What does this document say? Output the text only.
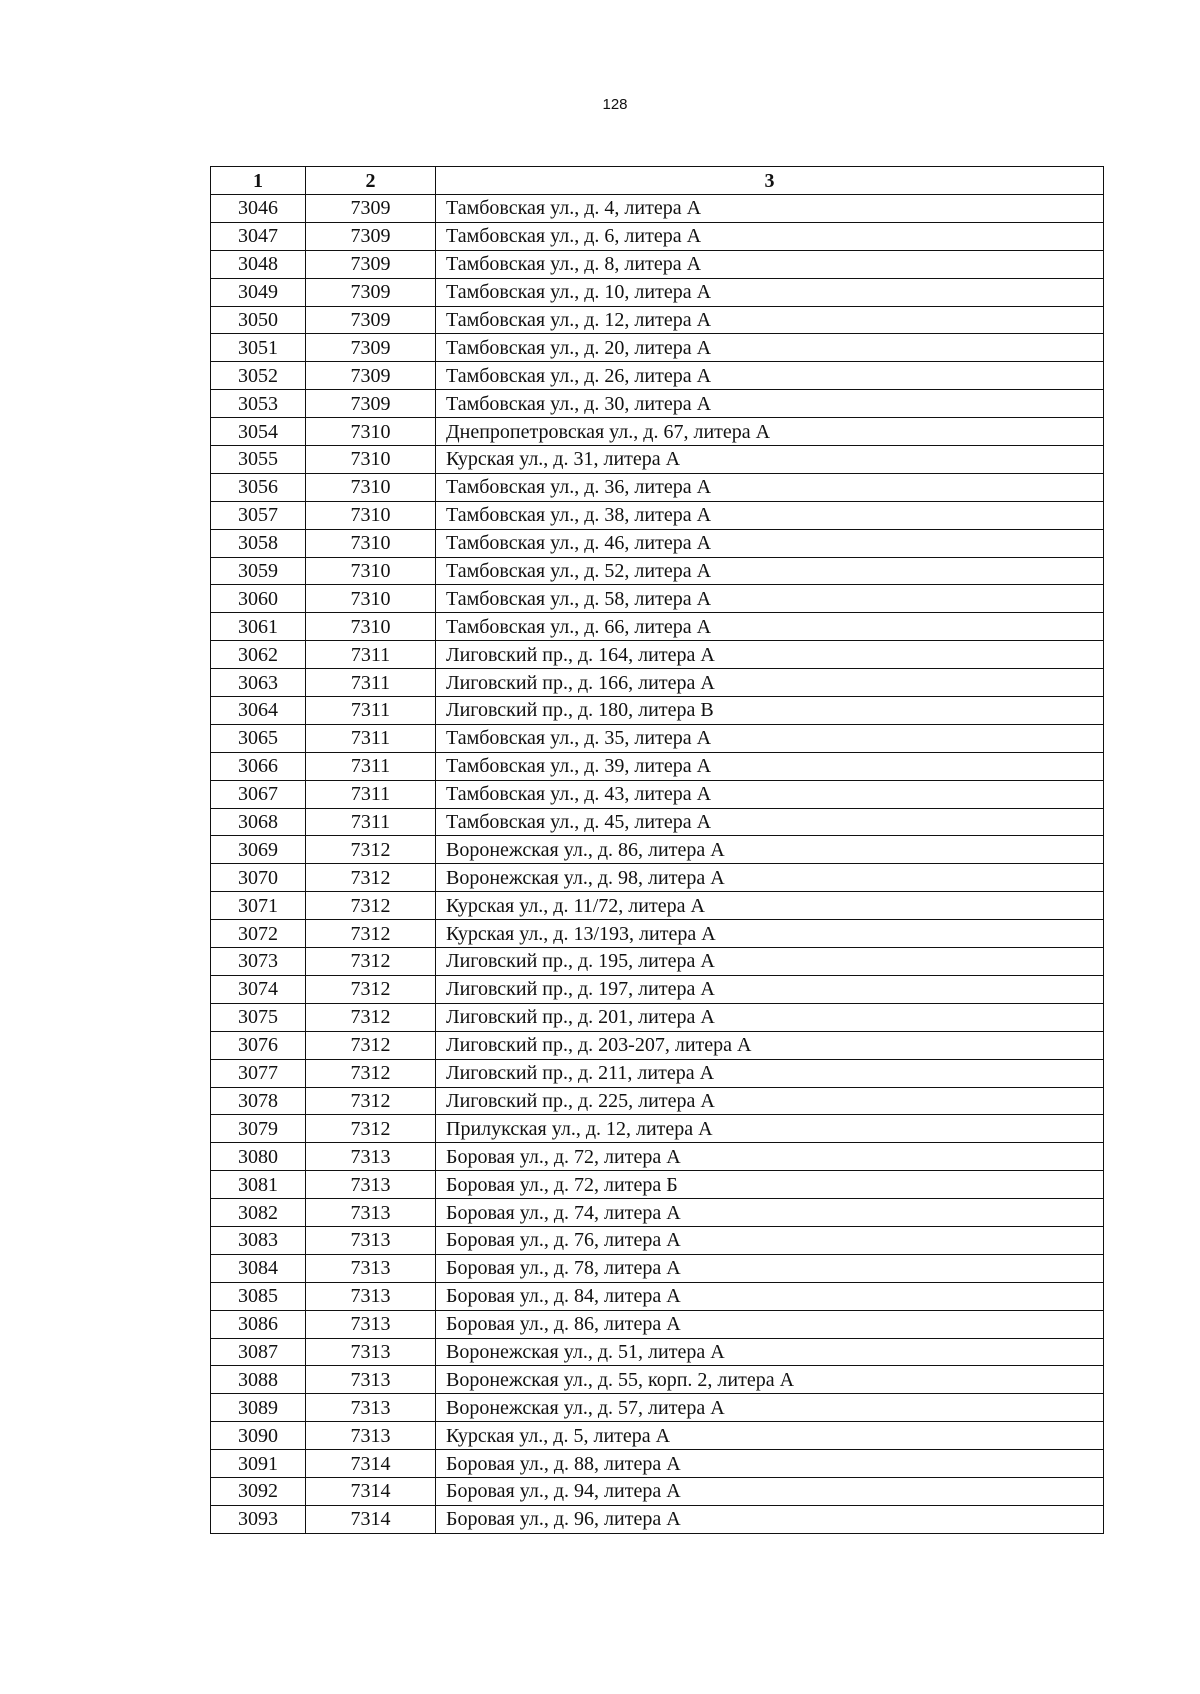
128
1	2	3
3046	7309	Тамбовская ул., д. 4, литера А
3047	7309	Тамбовская ул., д. 6, литера А
3048	7309	Тамбовская ул., д. 8, литера А
3049	7309	Тамбовская ул., д. 10, литера А
3050	7309	Тамбовская ул., д. 12, литера А
3051	7309	Тамбовская ул., д. 20, литера А
3052	7309	Тамбовская ул., д. 26, литера А
3053	7309	Тамбовская ул., д. 30, литера А
3054	7310	Днепропетровская ул., д. 67, литера А
3055	7310	Курская ул., д. 31, литера А
3056	7310	Тамбовская ул., д. 36, литера А
3057	7310	Тамбовская ул., д. 38, литера А
3058	7310	Тамбовская ул., д. 46, литера А
3059	7310	Тамбовская ул., д. 52, литера А
3060	7310	Тамбовская ул., д. 58, литера А
3061	7310	Тамбовская ул., д. 66, литера А
3062	7311	Лиговский пр., д. 164, литера А
3063	7311	Лиговский пр., д. 166, литера А
3064	7311	Лиговский пр., д. 180, литера В
3065	7311	Тамбовская ул., д. 35, литера А
3066	7311	Тамбовская ул., д. 39, литера А
3067	7311	Тамбовская ул., д. 43, литера А
3068	7311	Тамбовская ул., д. 45, литера А
3069	7312	Воронежская ул., д. 86, литера А
3070	7312	Воронежская ул., д. 98, литера А
3071	7312	Курская ул., д. 11/72, литера А
3072	7312	Курская ул., д. 13/193, литера А
3073	7312	Лиговский пр., д. 195, литера А
3074	7312	Лиговский пр., д. 197, литера А
3075	7312	Лиговский пр., д. 201, литера А
3076	7312	Лиговский пр., д. 203-207, литера А
3077	7312	Лиговский пр., д. 211, литера А
3078	7312	Лиговский пр., д. 225, литера А
3079	7312	Прилукская ул., д. 12, литера А
3080	7313	Боровая ул., д. 72, литера А
3081	7313	Боровая ул., д. 72, литера Б
3082	7313	Боровая ул., д. 74, литера А
3083	7313	Боровая ул., д. 76, литера А
3084	7313	Боровая ул., д. 78, литера А
3085	7313	Боровая ул., д. 84, литера А
3086	7313	Боровая ул., д. 86, литера А
3087	7313	Воронежская ул., д. 51, литера А
3088	7313	Воронежская ул., д. 55, корп. 2, литера А
3089	7313	Воронежская ул., д. 57, литера А
3090	7313	Курская ул., д. 5, литера А
3091	7314	Боровая ул., д. 88, литера А
3092	7314	Боровая ул., д. 94, литера А
3093	7314	Боровая ул., д. 96, литера А
